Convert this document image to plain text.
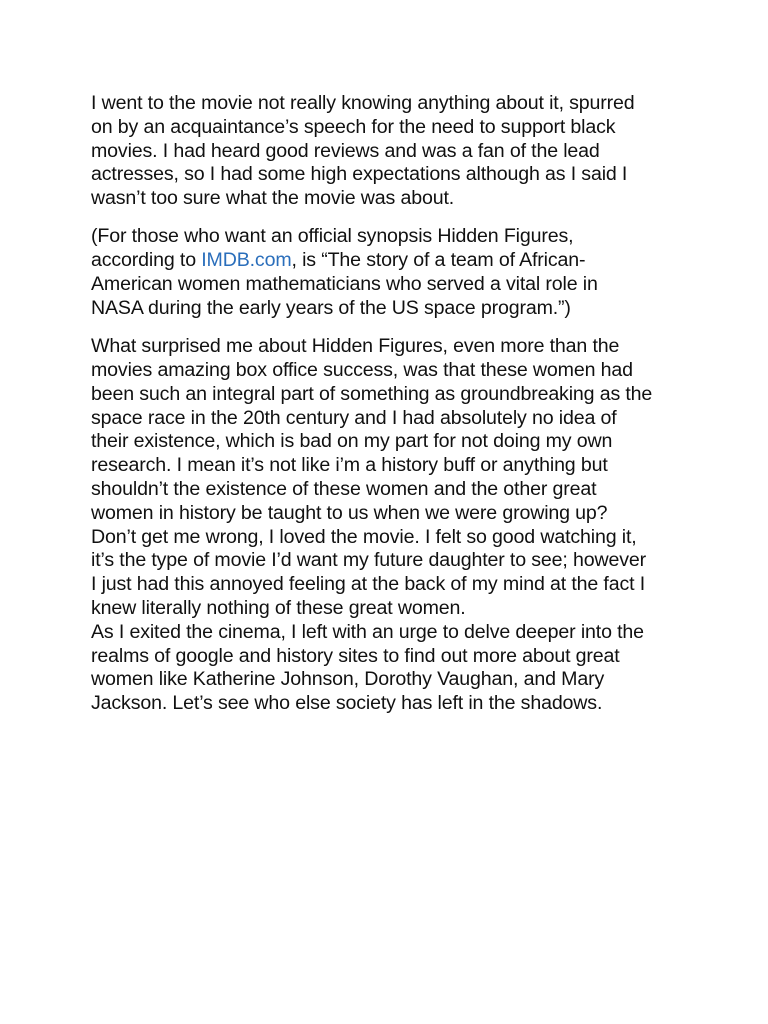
I went to the movie not really knowing anything about it, spurred
on by an acquaintance’s speech for the need to support black
movies. I had heard good reviews and was a fan of the lead
actresses, so I had some high expectations although as I said I
wasn’t too sure what the movie was about.

(For those who want an official synopsis Hidden Figures,
according to IMDB.com, is “The story of a team of African-
American women mathematicians who served a vital role in
NASA during the early years of the US space program.”)

What surprised me about Hidden Figures, even more than the
movies amazing box office success, was that these women had
been such an integral part of something as groundbreaking as the
space race in the 20th century and I had absolutely no idea of
their existence, which is bad on my part for not doing my own
research. I mean it’s not like i’m a history buff or anything but
shouldn’t the existence of these women and the other great
women in history be taught to us when we were growing up?
Don’t get me wrong, I loved the movie. I felt so good watching it,
it’s the type of movie I’d want my future daughter to see; however
I just had this annoyed feeling at the back of my mind at the fact I
knew literally nothing of these great women.
As I exited the cinema, I left with an urge to delve deeper into the
realms of google and history sites to find out more about great
women like Katherine Johnson, Dorothy Vaughan, and Mary
Jackson. Let’s see who else society has left in the shadows.
